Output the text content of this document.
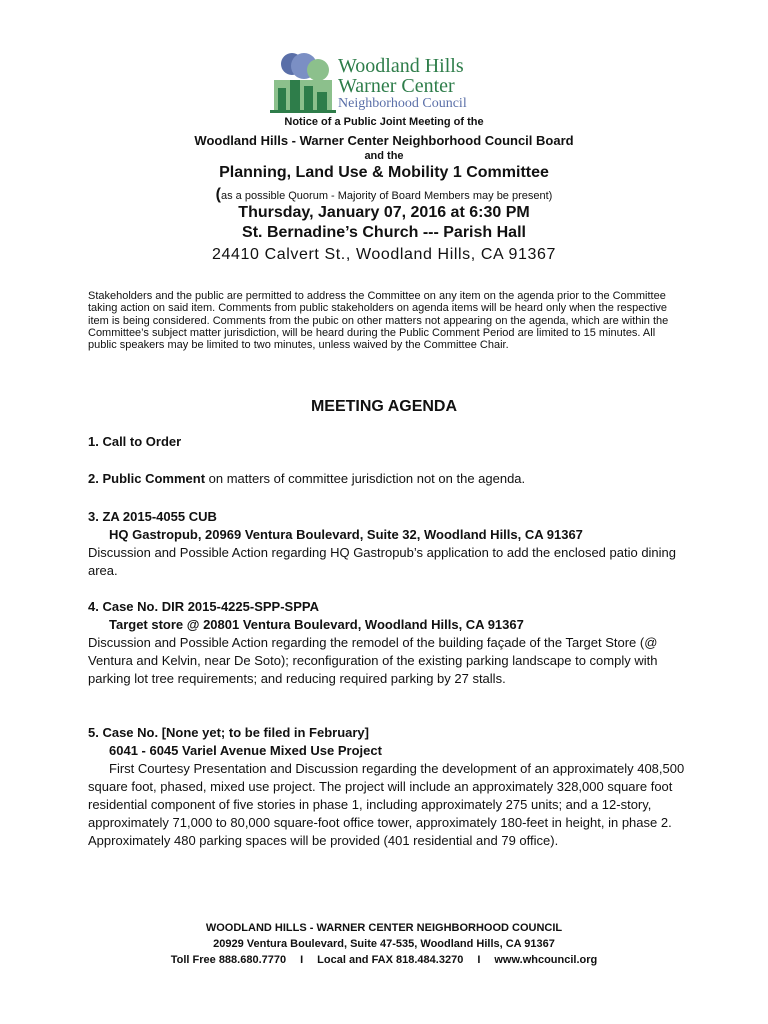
Woodland Hills
Warner Center
Neighborhood Council
Notice of a Public Joint Meeting of the
Woodland Hills - Warner Center Neighborhood Council Board
and the
Planning, Land Use & Mobility 1 Committee
(as a possible Quorum - Majority of Board Members may be present)
Thursday, January 07, 2016 at 6:30 PM
St. Bernadine’s Church --- Parish Hall
24410 Calvert St., Woodland Hills, CA 91367
Stakeholders and the public are permitted to address the Committee on any item on the agenda prior to the Committee taking action on said item. Comments from public stakeholders on agenda items will be heard only when the respective item is being considered. Comments from the pubic on other matters not appearing on the agenda, which are within the Committee’s subject matter jurisdiction, will be heard during the Public Comment Period are limited to 15 minutes. All public speakers may be limited to two minutes, unless waived by the Committee Chair.
MEETING AGENDA
1. Call to Order
2. Public Comment on matters of committee jurisdiction not on the agenda.
3. ZA 2015-4055 CUB
HQ Gastropub, 20969 Ventura Boulevard, Suite 32, Woodland Hills, CA 91367
Discussion and Possible Action regarding HQ Gastropub’s application to add the enclosed patio dining area.
4. Case No. DIR 2015-4225-SPP-SPPA
Target store @ 20801 Ventura Boulevard, Woodland Hills, CA 91367
Discussion and Possible Action regarding the remodel of the building façade of the Target Store (@ Ventura and Kelvin, near De Soto); reconfiguration of the existing parking landscape to comply with parking lot tree requirements; and reducing required parking by 27 stalls.
5. Case No. [None yet; to be filed in February]
6041 - 6045 Variel Avenue Mixed Use Project
First Courtesy Presentation and Discussion regarding the development of an approximately 408,500 square foot, phased, mixed use project. The project will include an approximately 328,000 square foot residential component of five stories in phase 1, including approximately 275 units; and a 12-story, approximately 71,000 to 80,000 square-foot office tower, approximately 180-feet in height, in phase 2. Approximately 480 parking spaces will be provided (401 residential and 79 office).
WOODLAND HILLS - WARNER CENTER NEIGHBORHOOD COUNCIL
20929 Ventura Boulevard, Suite 47-535, Woodland Hills, CA 91367
Toll Free 888.680.7770 I Local and FAX 818.484.3270 I www.whcouncil.org
